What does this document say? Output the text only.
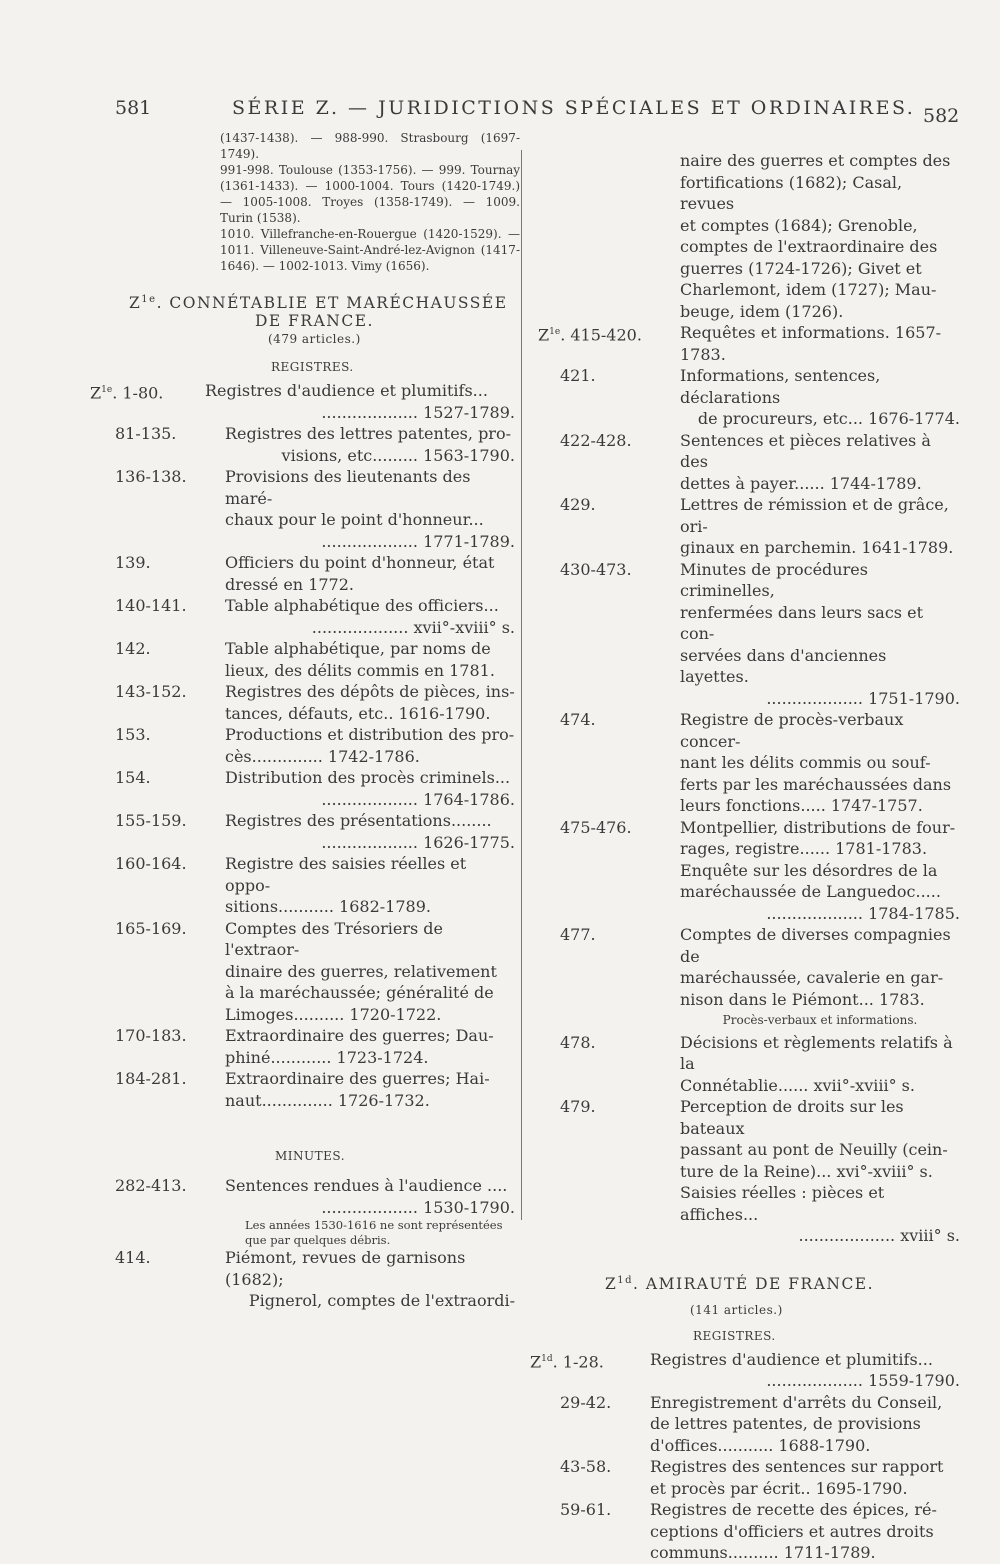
581	SÉRIE Z. — JURIDICTIONS SPÉCIALES ET ORDINAIRES. 582

(1437-1438). — 988-990. Strasbourg (1697-1749).

991-998. Toulouse (1353-1756). — 999. Tournay (1361-1433). — 1000-1004. Tours (1420-1749.) — 1005-1008. Troyes (1358-1749). — 1009. Turin (1538).

1010. Villefranche-en-Rouergue (1420-1529). — 1011. Villeneuve-Saint-André-lez-Avignon (1417-1646). — 1002-1013. Vimy (1656).

$Z^{1e}$. CONNÉTABLIE ET MARÉCHAUSSÉE

DE FRANCE.

(479 articles.)

REGISTRES.

$Z^{1e}$. 1-80.	Registres d'audience et plumitifs...
................... 1527-1789.
81-135.	Registres des lettres patentes, pro-
visions, etc......... 1563-1790.
136-138.	Provisions des lieutenants des maré-
chaux pour le point d'honneur...
................... 1771-1789.
139.	Officiers du point d'honneur, état
dressé en 1772.
140-141.	Table alphabétique des officiers...
................... xvii°-xviii° s.
142.	Table alphabétique, par noms de
lieux, des délits commis en 1781.
143-152.	Registres des dépôts de pièces, ins-
tances, défauts, etc.. 1616-1790.
153.	Productions et distribution des pro-
cès.............. 1742-1786.
154.	Distribution des procès criminels...
................... 1764-1786.
155-159.	Registres des présentations........
................... 1626-1775.
160-164.	Registre des saisies réelles et oppo-
sitions........... 1682-1789.
165-169.	Comptes des Trésoriers de l'extraor-
dinaire des guerres, relativement
à la maréchaussée; généralité de
Limoges.......... 1720-1722.
170-183.	Extraordinaire des guerres; Dau-
phiné............ 1723-1724.
184-281.	Extraordinaire des guerres; Hai-
naut.............. 1726-1732.

MINUTES.

282-413.	Sentences rendues à l'audience ....
................... 1530-1790.
Les années 1530-1616 ne sont représentées que par quelques débris.
414.	Piémont, revues de garnisons (1682);
Pignerol, comptes de l'extraordi-
naire des guerres et comptes des
fortifications (1682); Casal, revues
et comptes (1684); Grenoble,
comptes de l'extraordinaire des
guerres (1724-1726); Givet et
Charlemont, idem (1727); Mau-
beuge, idem (1726).
$Z^{1e}$. 415-420.	Requêtes et informations. 1657-1783.
421.	Informations, sentences, déclarations
de procureurs, etc... 1676-1774.
422-428.	Sentences et pièces relatives à des
dettes à payer...... 1744-1789.
429.	Lettres de rémission et de grâce, ori-
ginaux en parchemin. 1641-1789.
430-473.	Minutes de procédures criminelles,
renfermées dans leurs sacs et con-
servées dans d'anciennes layettes.
................... 1751-1790.
474.	Registre de procès-verbaux concer-
nant les délits commis ou souf-
ferts par les maréchaussées dans
leurs fonctions..... 1747-1757.
475-476.	Montpellier, distributions de four-
rages, registre...... 1781-1783.
Enquête sur les désordres de la
maréchaussée de Languedoc.....
................... 1784-1785.
477.	Comptes de diverses compagnies de
maréchaussée, cavalerie en gar-
nison dans le Piémont... 1783.
Procès-verbaux et informations.
478.	Décisions et règlements relatifs à la
Connétablie...... xvii°-xviii° s.
479.	Perception de droits sur les bateaux
passant au pont de Neuilly (cein-
ture de la Reine)... xvi°-xviii° s.
Saisies réelles : pièces et affiches...
................... xviii° s.

$Z^{1d}$. AMIRAUTÉ DE FRANCE.

(141 articles.)

REGISTRES.

$Z^{1d}$. 1-28.	Registres d'audience et plumitifs...
................... 1559-1790.
29-42.	Enregistrement d'arrêts du Conseil,
de lettres patentes, de provisions
d'offices........... 1688-1790.
43-58.	Registres des sentences sur rapport
et procès par écrit.. 1695-1790.
59-61.	Registres de recette des épices, ré-
ceptions d'officiers et autres droits
communs.......... 1711-1789.
